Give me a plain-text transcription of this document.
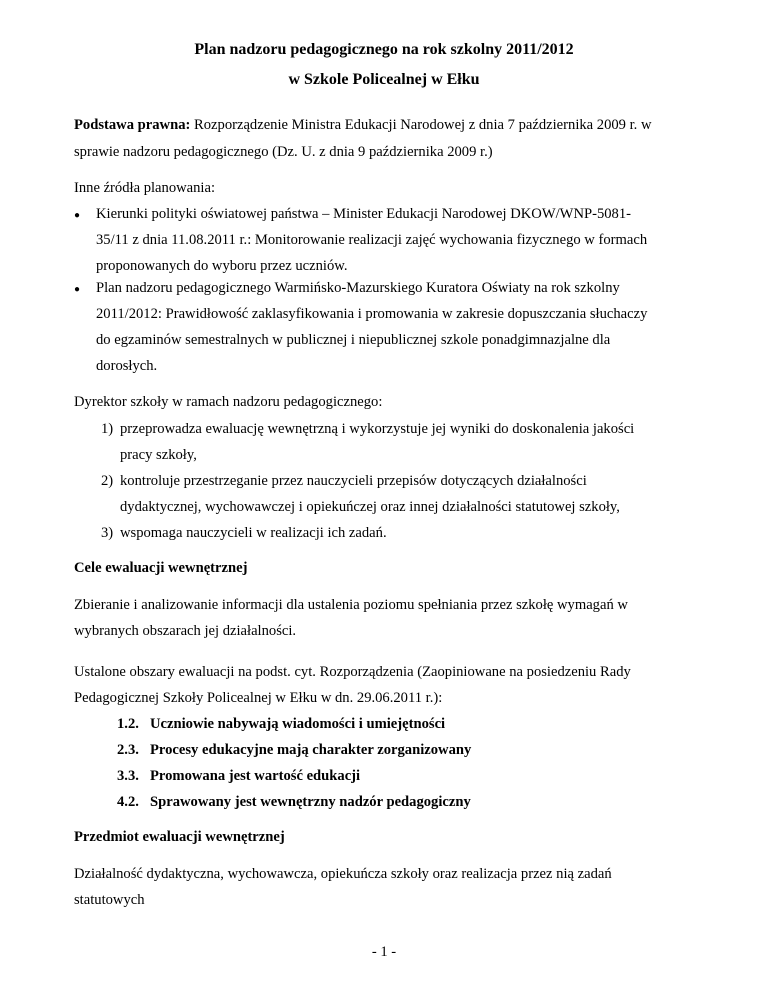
Plan nadzoru pedagogicznego na rok szkolny 2011/2012
w Szkole Policealnej w Ełku
Podstawa prawna: Rozporządzenie Ministra Edukacji Narodowej z dnia 7 października 2009 r. w
sprawie nadzoru pedagogicznego (Dz. U. z dnia 9 października 2009 r.)
Inne źródła planowania:
● Kierunki polityki oświatowej państwa – Minister Edukacji Narodowej DKOW/WNP-5081-
35/11 z dnia 11.08.2011 r.: Monitorowanie realizacji zajęć wychowania fizycznego w formach
proponowanych do wyboru przez uczniów.
● Plan nadzoru pedagogicznego Warmińsko-Mazurskiego Kuratora Oświaty na rok szkolny
2011/2012: Prawidłowość zaklasyfikowania i promowania w zakresie dopuszczania słuchaczy
do egzaminów semestralnych w publicznej i niepublicznej szkole ponadgimnazjalne dla
dorosłych.
Dyrektor szkoły w ramach nadzoru pedagogicznego:
1) przeprowadza ewaluację wewnętrzną i wykorzystuje jej wyniki do doskonalenia jakości
pracy szkoły,
2) kontroluje przestrzeganie przez nauczycieli przepisów dotyczących działalności
dydaktycznej, wychowawczej i opiekuńczej oraz innej działalności statutowej szkoły,
3) wspomaga nauczycieli w realizacji ich zadań.
Cele ewaluacji wewnętrznej
Zbieranie i analizowanie informacji dla ustalenia poziomu spełniania przez szkołę wymagań w
wybranych obszarach jej działalności.
Ustalone obszary ewaluacji na podst. cyt. Rozporządzenia (Zaopiniowane na posiedzeniu Rady
Pedagogicznej Szkoły Policealnej w Ełku w dn. 29.06.2011 r.):
1.2. Uczniowie nabywają wiadomości i umiejętności
2.3. Procesy edukacyjne mają charakter zorganizowany
3.3. Promowana jest wartość edukacji
4.2. Sprawowany jest wewnętrzny nadzór pedagogiczny
Przedmiot ewaluacji wewnętrznej
Działalność dydaktyczna, wychowawcza, opiekuńcza szkoły oraz realizacja przez nią zadań
statutowych
- 1 -
